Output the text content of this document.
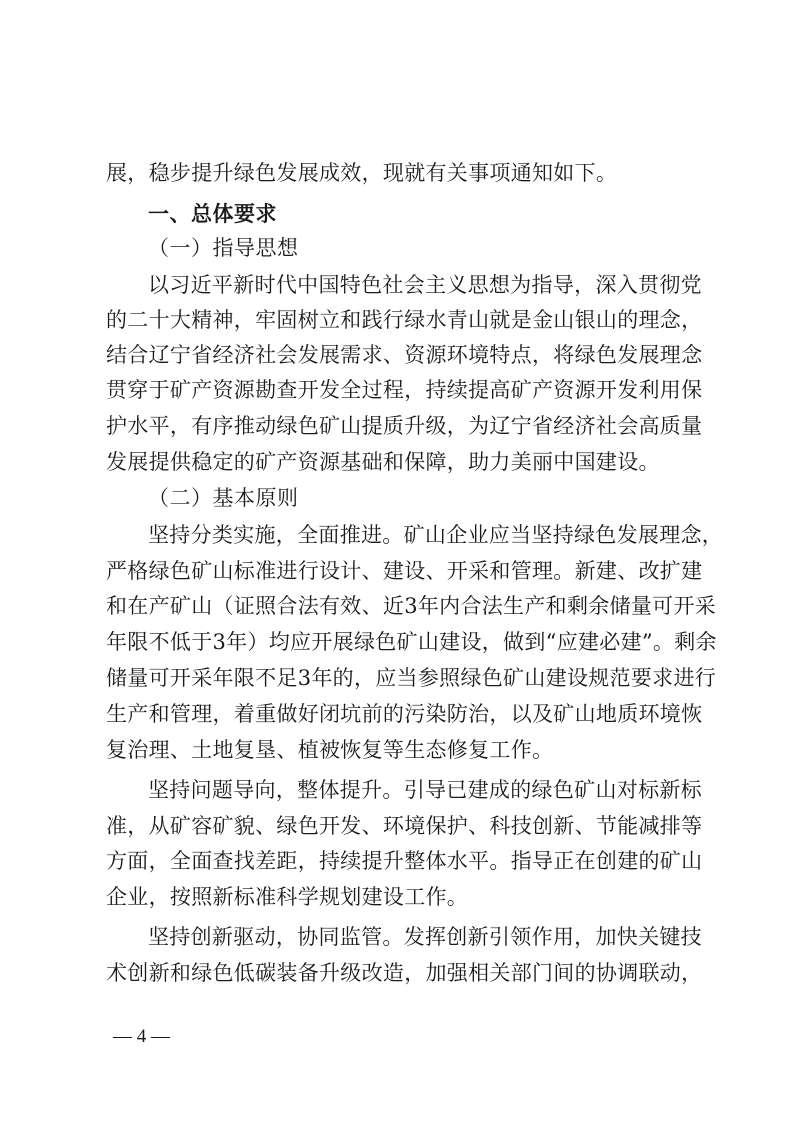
展，稳步提升绿色发展成效，现就有关事项通知如下。
一、总体要求
（一）指导思想
以习近平新时代中国特色社会主义思想为指导，深入贯彻党
的二十大精神，牢固树立和践行绿水青山就是金山银山的理念，
结合辽宁省经济社会发展需求、资源环境特点，将绿色发展理念
贯穿于矿产资源勘查开发全过程，持续提高矿产资源开发利用保
护水平，有序推动绿色矿山提质升级，为辽宁省经济社会高质量
发展提供稳定的矿产资源基础和保障，助力美丽中国建设。
（二）基本原则
坚持分类实施，全面推进。矿山企业应当坚持绿色发展理念，
严格绿色矿山标准进行设计、建设、开采和管理。新建、改扩建
和在产矿山（证照合法有效、近3年内合法生产和剩余储量可开采
年限不低于3年）均应开展绿色矿山建设，做到“应建必建”。剩余
储量可开采年限不足3年的，应当参照绿色矿山建设规范要求进行
生产和管理，着重做好闭坑前的污染防治，以及矿山地质环境恢
复治理、土地复垦、植被恢复等生态修复工作。
坚持问题导向，整体提升。引导已建成的绿色矿山对标新标
准，从矿容矿貌、绿色开发、环境保护、科技创新、节能减排等
方面，全面查找差距，持续提升整体水平。指导正在创建的矿山
企业，按照新标准科学规划建设工作。
坚持创新驱动，协同监管。发挥创新引领作用，加快关键技
术创新和绿色低碳装备升级改造，加强相关部门间的协调联动，
— 4 —
